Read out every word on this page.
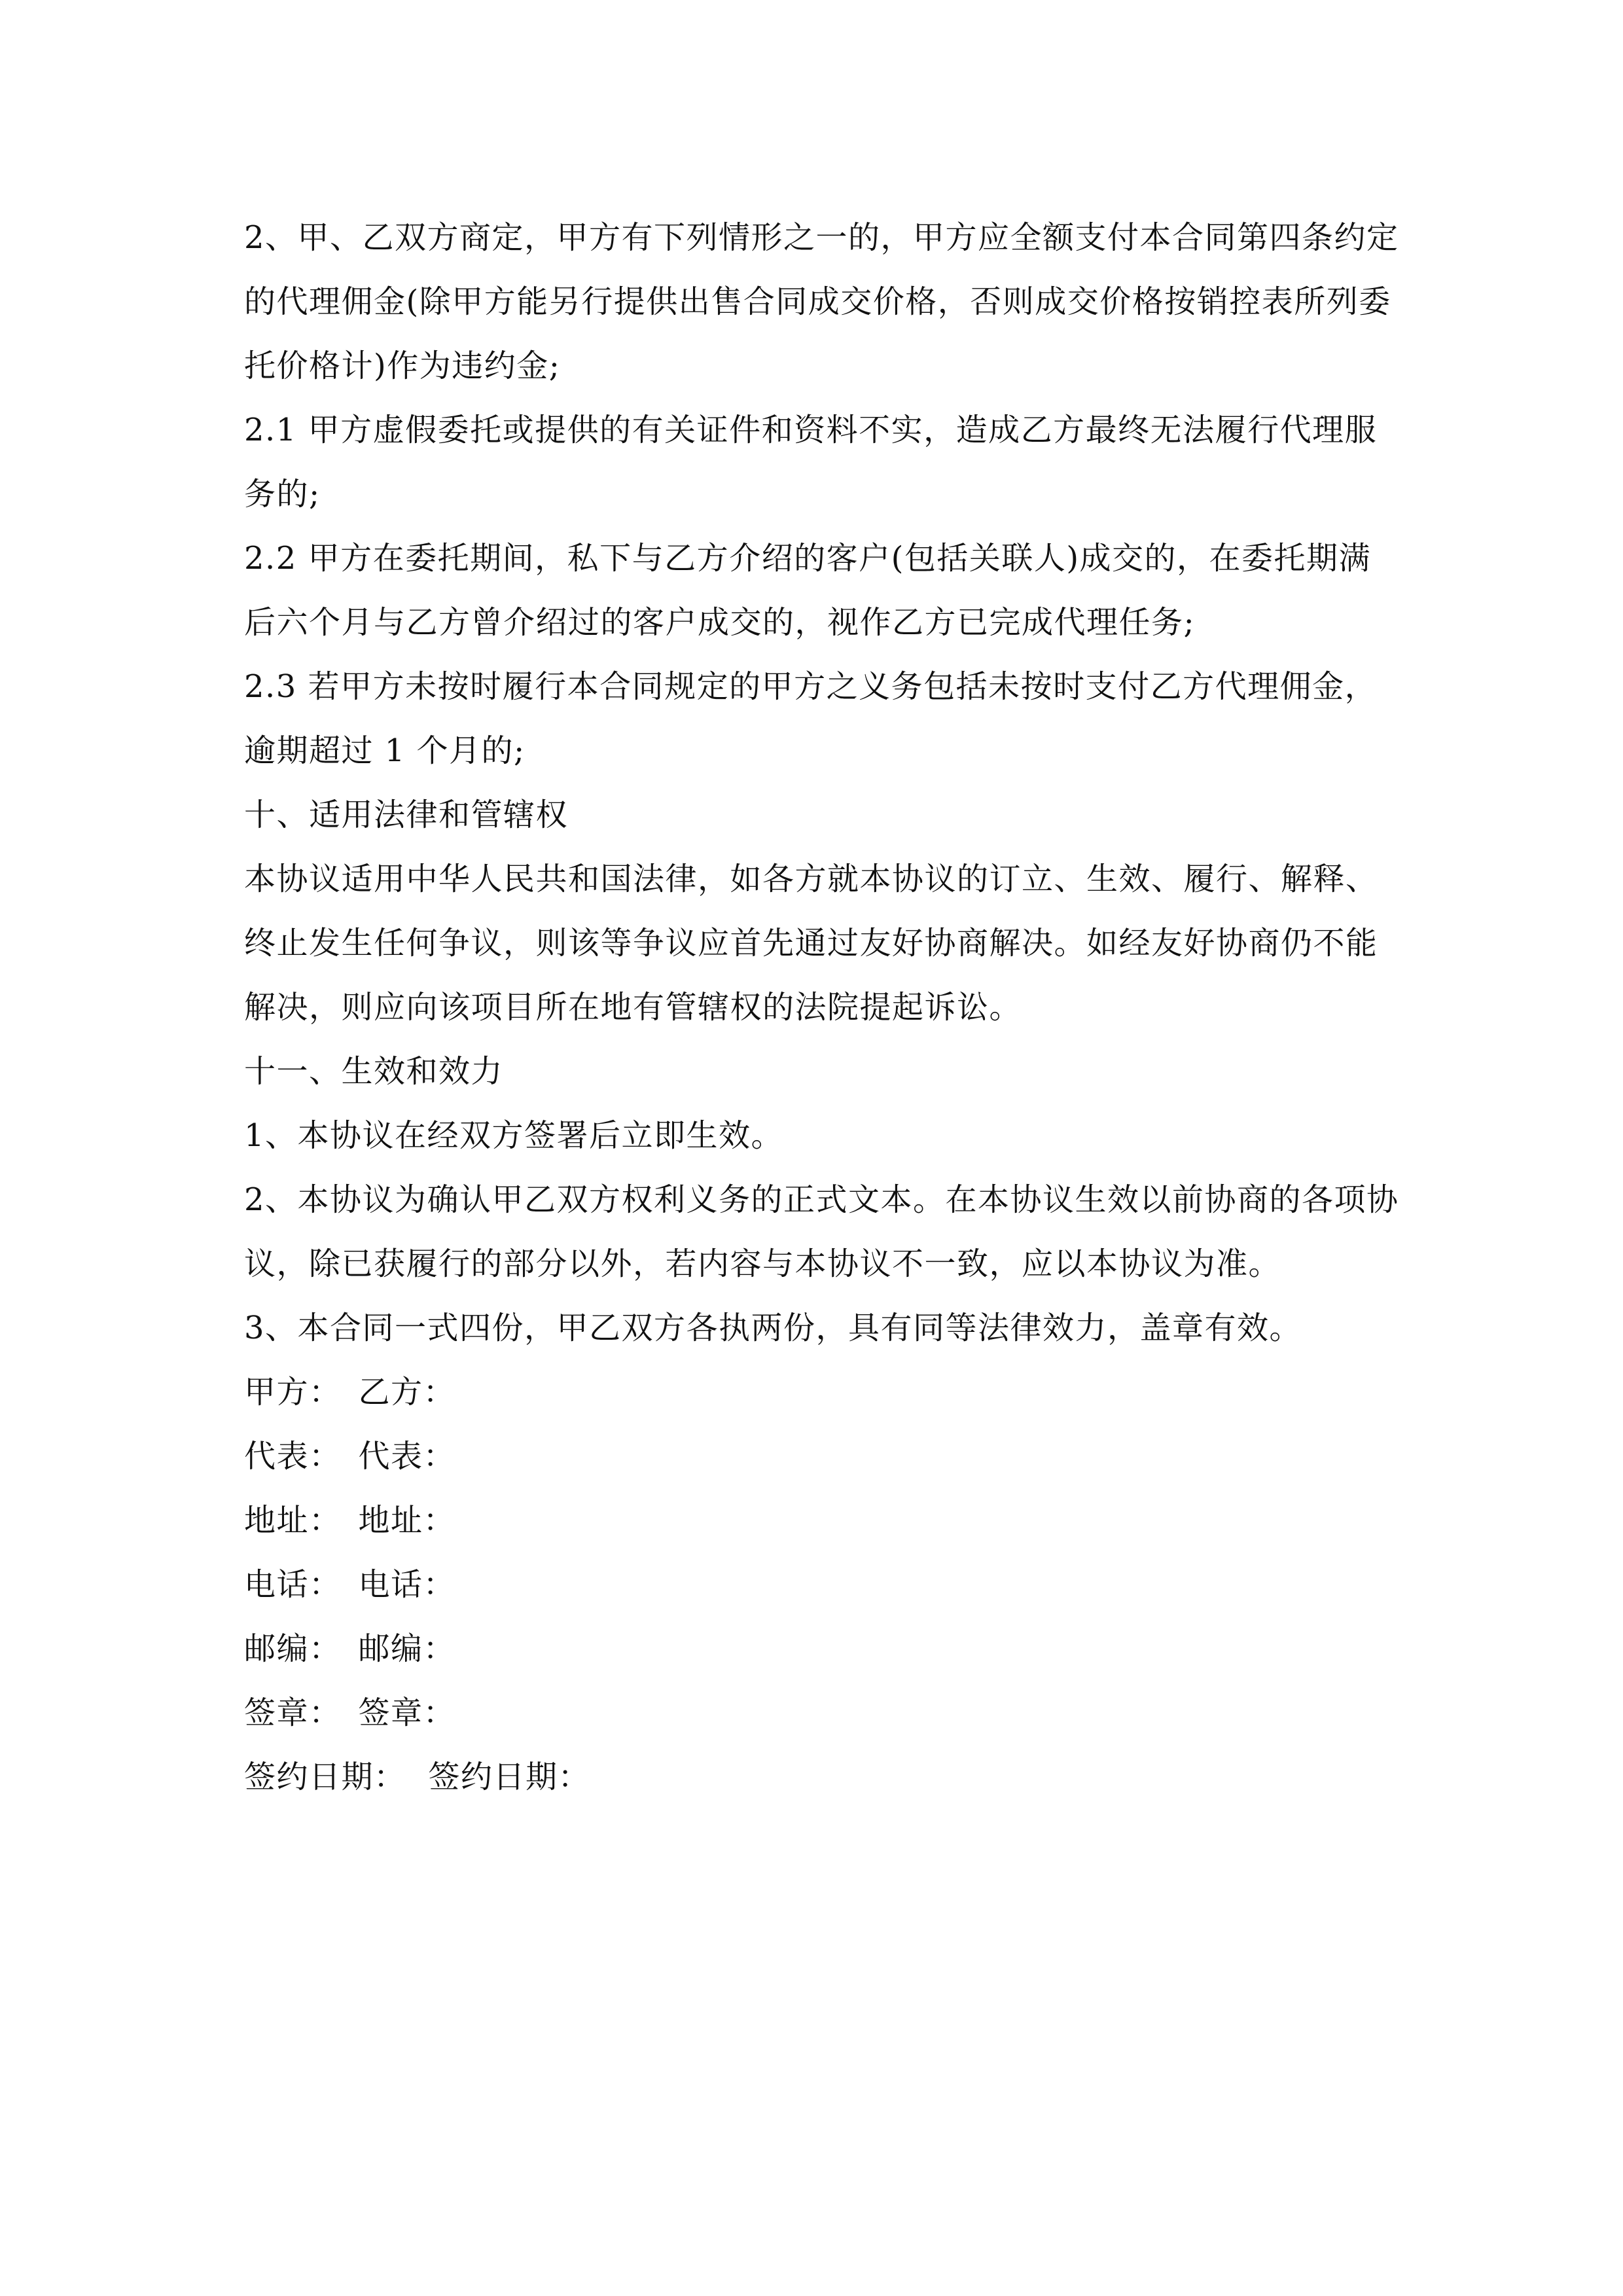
2、甲、乙双方商定，甲方有下列情形之一的，甲方应全额支付本合同第四条约定的代理佣金(除甲方能另行提供出售合同成交价格，否则成交价格按销控表所列委托价格计)作为违约金;

2.1 甲方虚假委托或提供的有关证件和资料不实，造成乙方最终无法履行代理服务的;

2.2 甲方在委托期间，私下与乙方介绍的客户(包括关联人)成交的，在委托期满后六个月与乙方曾介绍过的客户成交的，视作乙方已完成代理任务;

2.3 若甲方未按时履行本合同规定的甲方之义务包括未按时支付乙方代理佣金，逾期超过 1 个月的;

十、适用法律和管辖权

本协议适用中华人民共和国法律，如各方就本协议的订立、生效、履行、解释、终止发生任何争议，则该等争议应首先通过友好协商解决。如经友好协商仍不能解决，则应向该项目所在地有管辖权的法院提起诉讼。

十一、生效和效力

1、本协议在经双方签署后立即生效。

2、本协议为确认甲乙双方权利义务的正式文本。在本协议生效以前协商的各项协议，除已获履行的部分以外，若内容与本协议不一致，应以本协议为准。

3、本合同一式四份，甲乙双方各执两份，具有同等法律效力，盖章有效。

甲方： 乙方：
代表： 代表：
地址： 地址：
电话： 电话：
邮编： 邮编：
签章： 签章：
签约日期： 签约日期：
